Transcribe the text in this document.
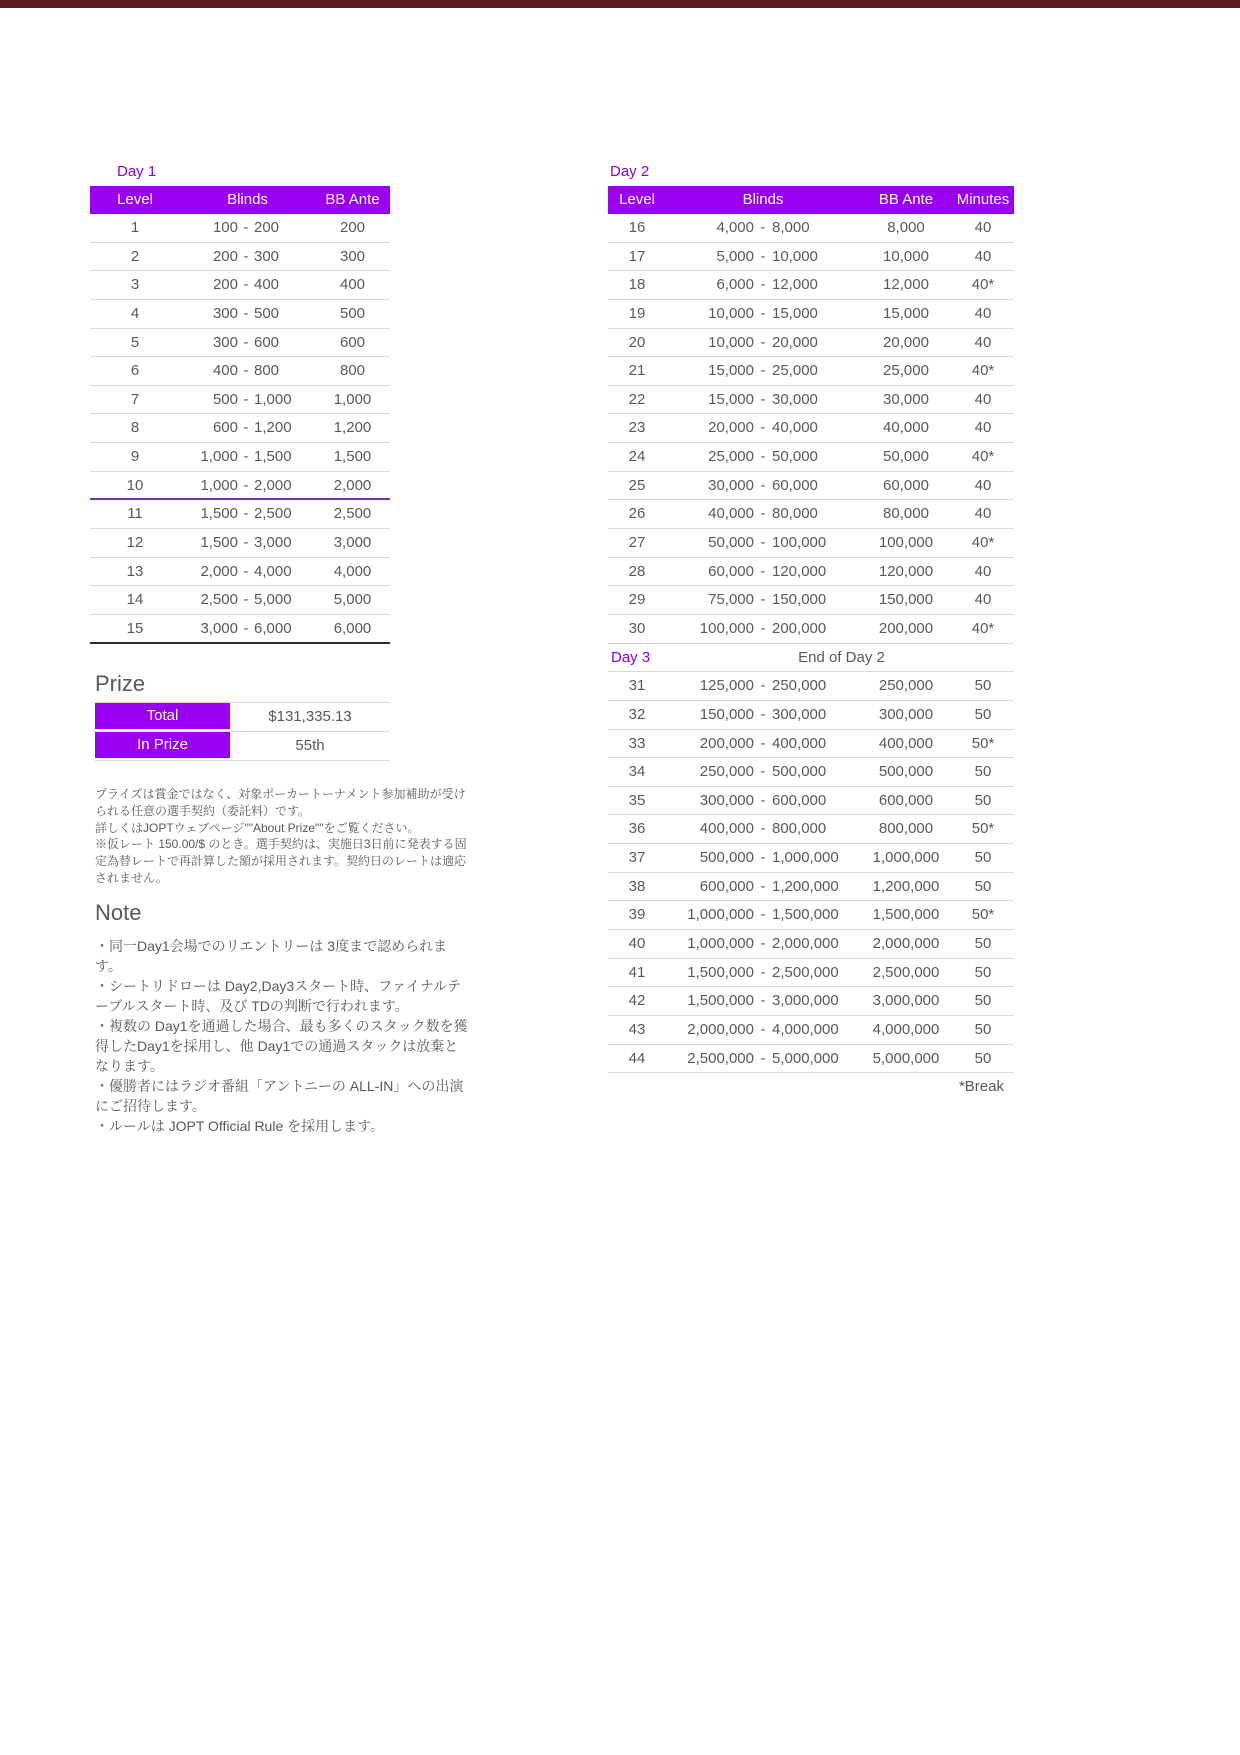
Day 1
Level	Blinds	BB Ante
1	100 - 200	200
2	200 - 300	300
3	200 - 400	400
4	300 - 500	500
5	300 - 600	600
6	400 - 800	800
7	500 - 1,000	1,000
8	600 - 1,200	1,200
9	1,000 - 1,500	1,500
10	1,000 - 2,000	2,000
11	1,500 - 2,500	2,500
12	1,500 - 3,000	3,000
13	2,000 - 4,000	4,000
14	2,500 - 5,000	5,000
15	3,000 - 6,000	6,000
Prize
Total	$131,335.13
In Prize	55th

プライズは賞金ではなく、対象ポーカートーナメント参加補助が受けられる任意の選手契約（委託料）です。

詳しくはJOPTウェブページ""About Prize""をご覧ください。

※仮レート 150.00/$ のとき。選手契約は、実施日3日前に発表する固定為替レートで再計算した額が採用されます。契約日のレートは適応されません。

Note

・同一Day1会場でのリエントリーは 3度まで認められます。

・シートリドローは Day2,Day3スタート時、ファイナルテーブルスタート時、及び TDの判断で行われます。

・複数の Day1を通過した場合、最も多くのスタック数を獲得したDay1を採用し、他 Day1での通過スタックは放棄となります。

・優勝者にはラジオ番組「アントニーの ALL-IN」への出演にご招待します。

・ルールは JOPT Official Rule を採用します。

Day 2
Level	Blinds	BB Ante	Minutes
16	4,000 - 8,000	8,000	40
17	5,000 - 10,000	10,000	40
18	6,000 - 12,000	12,000	40*
19	10,000 - 15,000	15,000	40
20	10,000 - 20,000	20,000	40
21	15,000 - 25,000	25,000	40*
22	15,000 - 30,000	30,000	40
23	20,000 - 40,000	40,000	40
24	25,000 - 50,000	50,000	40*
25	30,000 - 60,000	60,000	40
26	40,000 - 80,000	80,000	40
27	50,000 - 100,000	100,000	40*
28	60,000 - 120,000	120,000	40
29	75,000 - 150,000	150,000	40
30	100,000 - 200,000	200,000	40*
Day 3	End of Day 2
31	125,000 - 250,000	250,000	50
32	150,000 - 300,000	300,000	50
33	200,000 - 400,000	400,000	50*
34	250,000 - 500,000	500,000	50
35	300,000 - 600,000	600,000	50
36	400,000 - 800,000	800,000	50*
37	500,000 - 1,000,000	1,000,000	50
38	600,000 - 1,200,000	1,200,000	50
39	1,000,000 - 1,500,000	1,500,000	50*
40	1,000,000 - 2,000,000	2,000,000	50
41	1,500,000 - 2,500,000	2,500,000	50
42	1,500,000 - 3,000,000	3,000,000	50
43	2,000,000 - 4,000,000	4,000,000	50
44	2,500,000 - 5,000,000	5,000,000	50
*Break
